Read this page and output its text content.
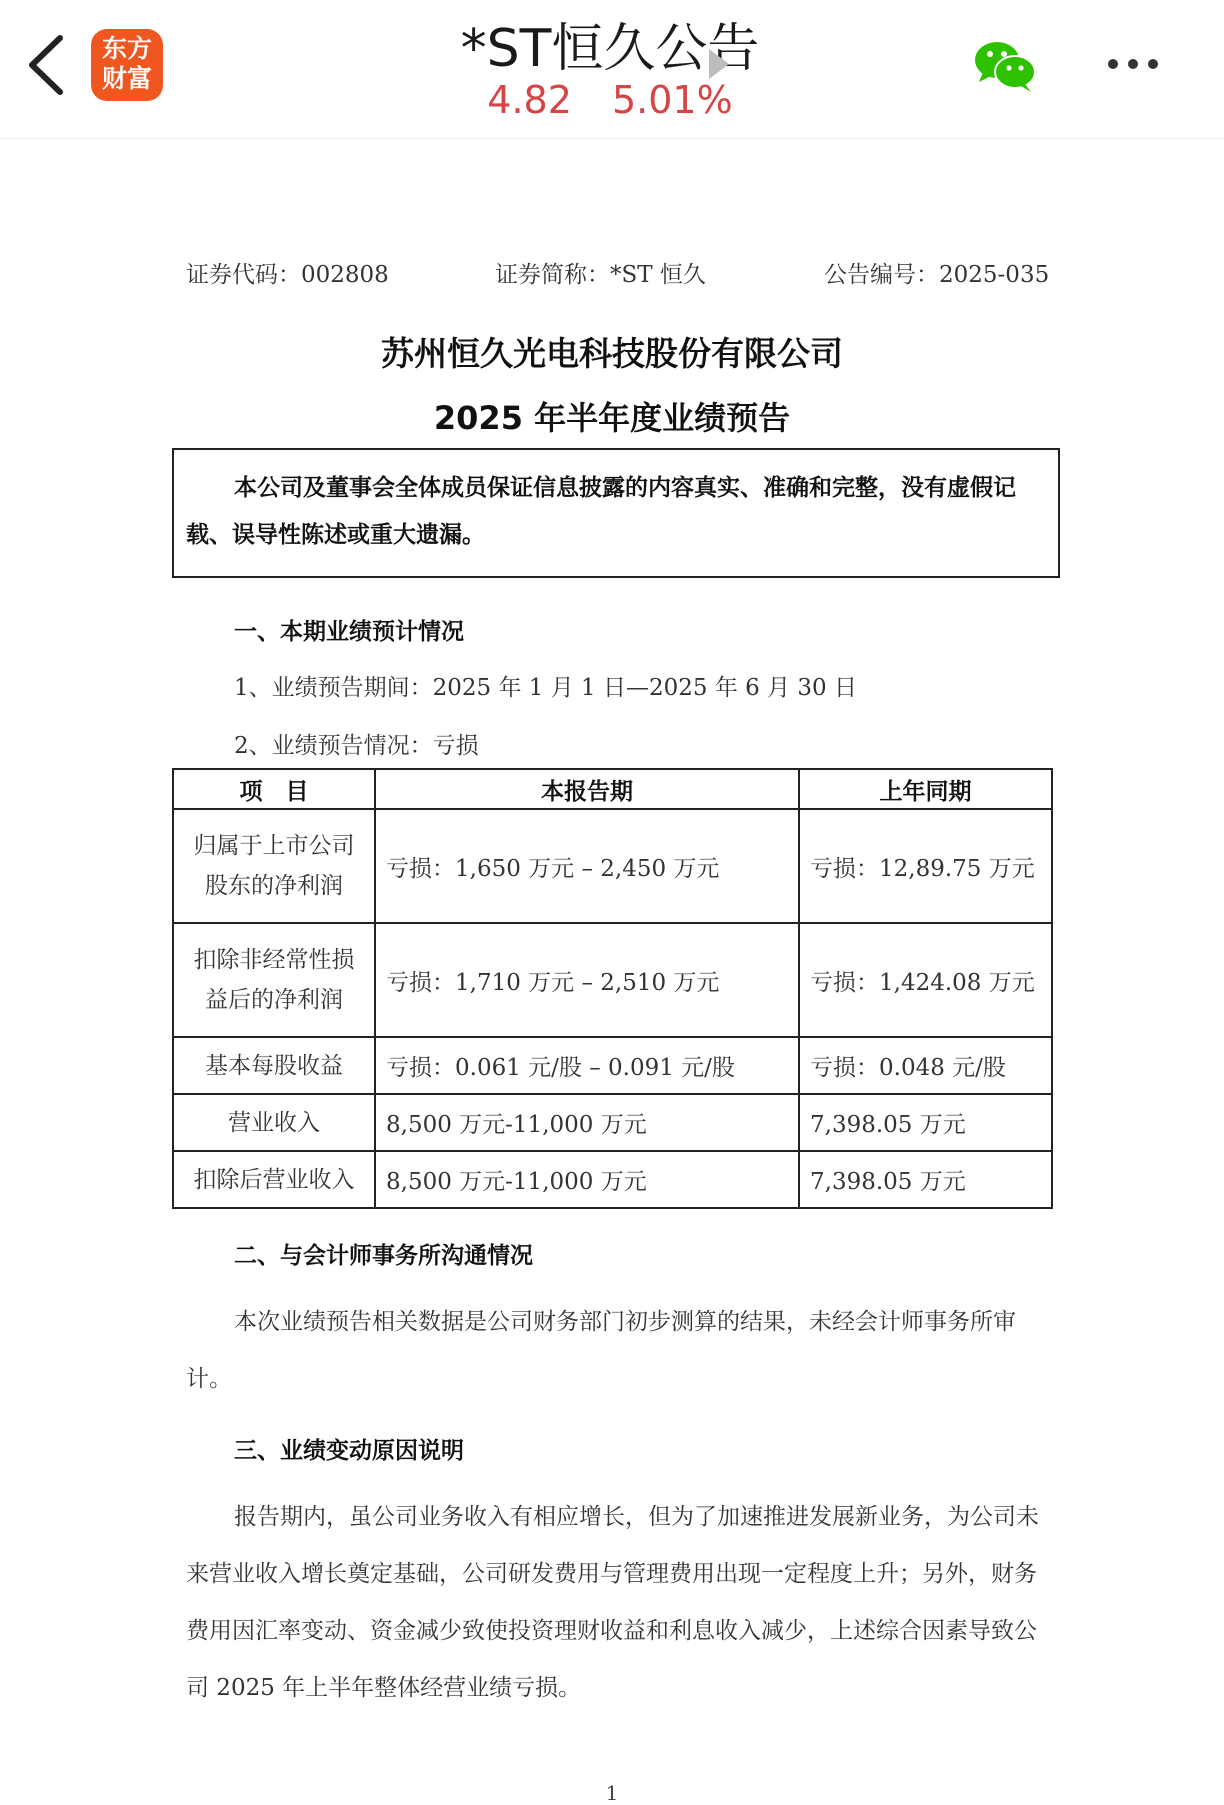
东方
财富	*ST恒久公告
4.82 5.01%
证券代码：002808	证券简称：*ST 恒久	公告编号：2025-035
苏州恒久光电科技股份有限公司
2025 年半年度业绩预告
本公司及董事会全体成员保证信息披露的内容真实、准确和完整，没有虚假记载、误导性陈述或重大遗漏。
一、本期业绩预计情况
1、业绩预告期间：2025 年 1 月 1 日—2025 年 6 月 30 日
2、业绩预告情况：亏损
项　目	本报告期	上年同期
归属于上市公司股东的净利润	亏损：1,650 万元 – 2,450 万元	亏损：12,89.75 万元
扣除非经常性损益后的净利润	亏损：1,710 万元 – 2,510 万元	亏损：1,424.08 万元
基本每股收益	亏损：0.061 元/股 – 0.091 元/股	亏损：0.048 元/股
营业收入	8,500 万元-11,000 万元	7,398.05 万元
扣除后营业收入	8,500 万元-11,000 万元	7,398.05 万元
二、与会计师事务所沟通情况
本次业绩预告相关数据是公司财务部门初步测算的结果，未经会计师事务所审计。
三、业绩变动原因说明
报告期内，虽公司业务收入有相应增长，但为了加速推进发展新业务，为公司未来营业收入增长奠定基础，公司研发费用与管理费用出现一定程度上升；另外，财务费用因汇率变动、资金减少致使投资理财收益和利息收入减少，上述综合因素导致公司 2025 年上半年整体经营业绩亏损。
1
